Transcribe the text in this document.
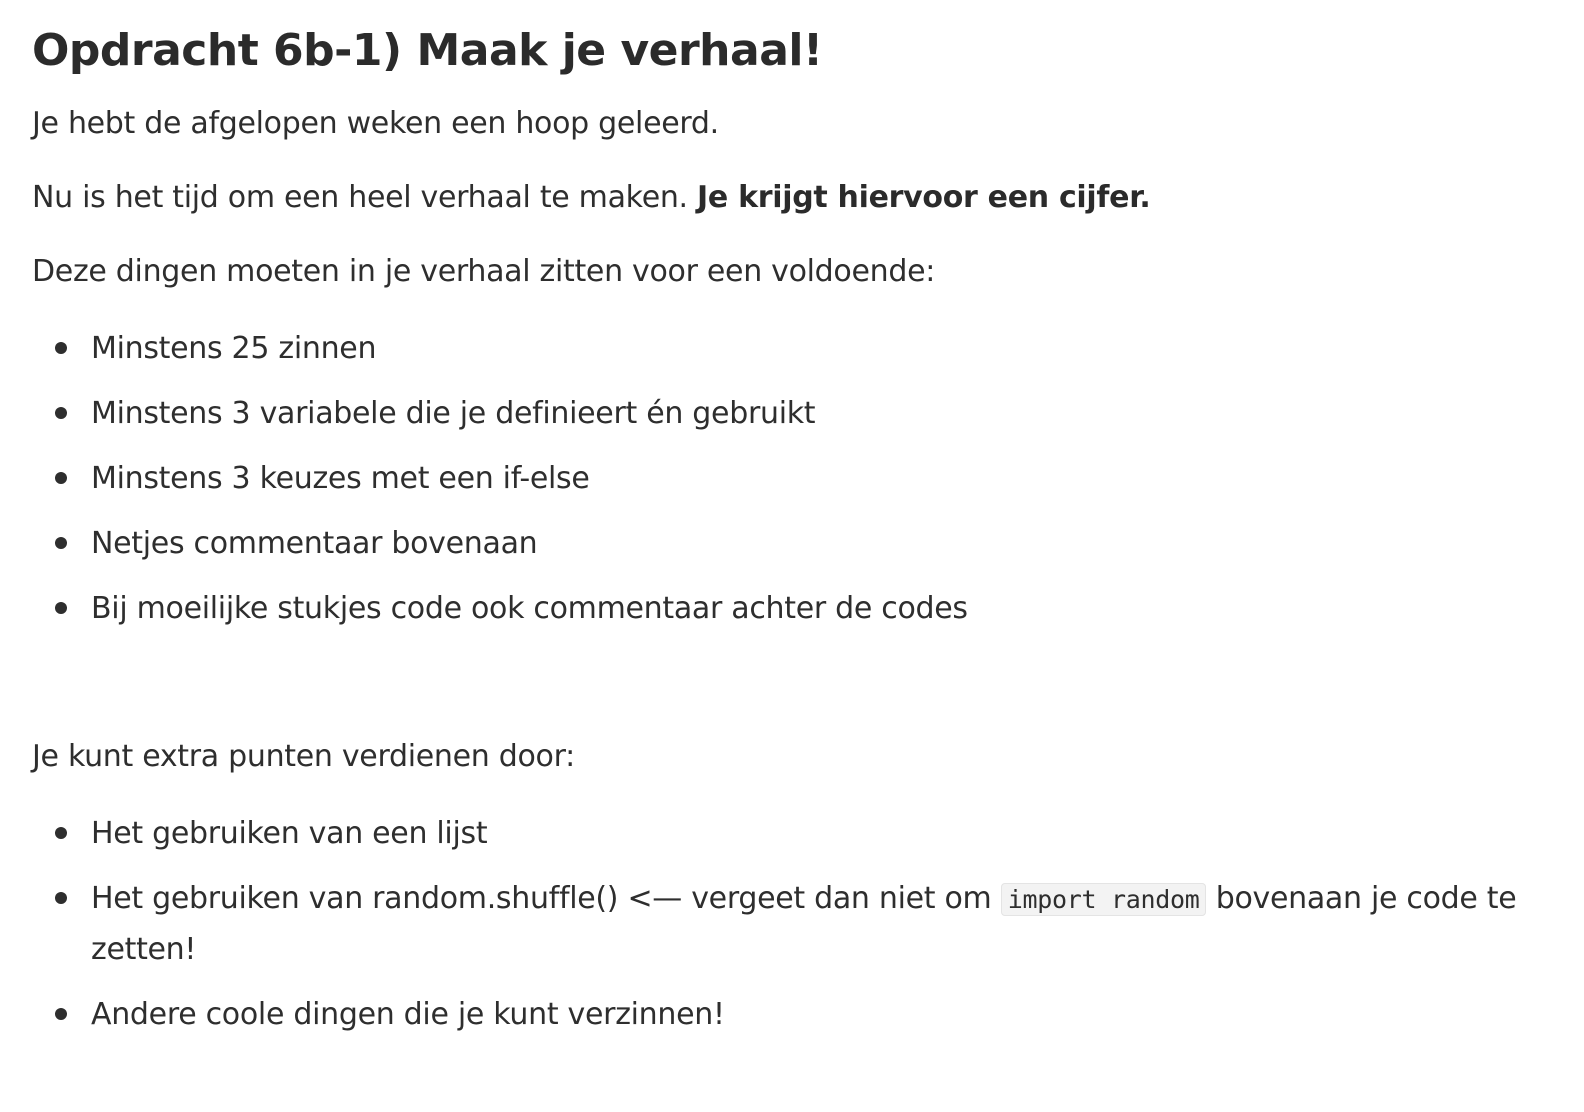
Opdracht 6b-1) Maak je verhaal!

Je hebt de afgelopen weken een hoop geleerd.

Nu is het tijd om een heel verhaal te maken. Je krijgt hiervoor een cijfer.

Deze dingen moeten in je verhaal zitten voor een voldoende:

Minstens 25 zinnen
Minstens 3 variabele die je definieert én gebruikt
Minstens 3 keuzes met een if-else
Netjes commentaar bovenaan
Bij moeilijke stukjes code ook commentaar achter de codes

Je kunt extra punten verdienen door:

Het gebruiken van een lijst
Het gebruiken van random.shuffle() <— vergeet dan niet om import random bovenaan je code te zetten!
Andere coole dingen die je kunt verzinnen!
